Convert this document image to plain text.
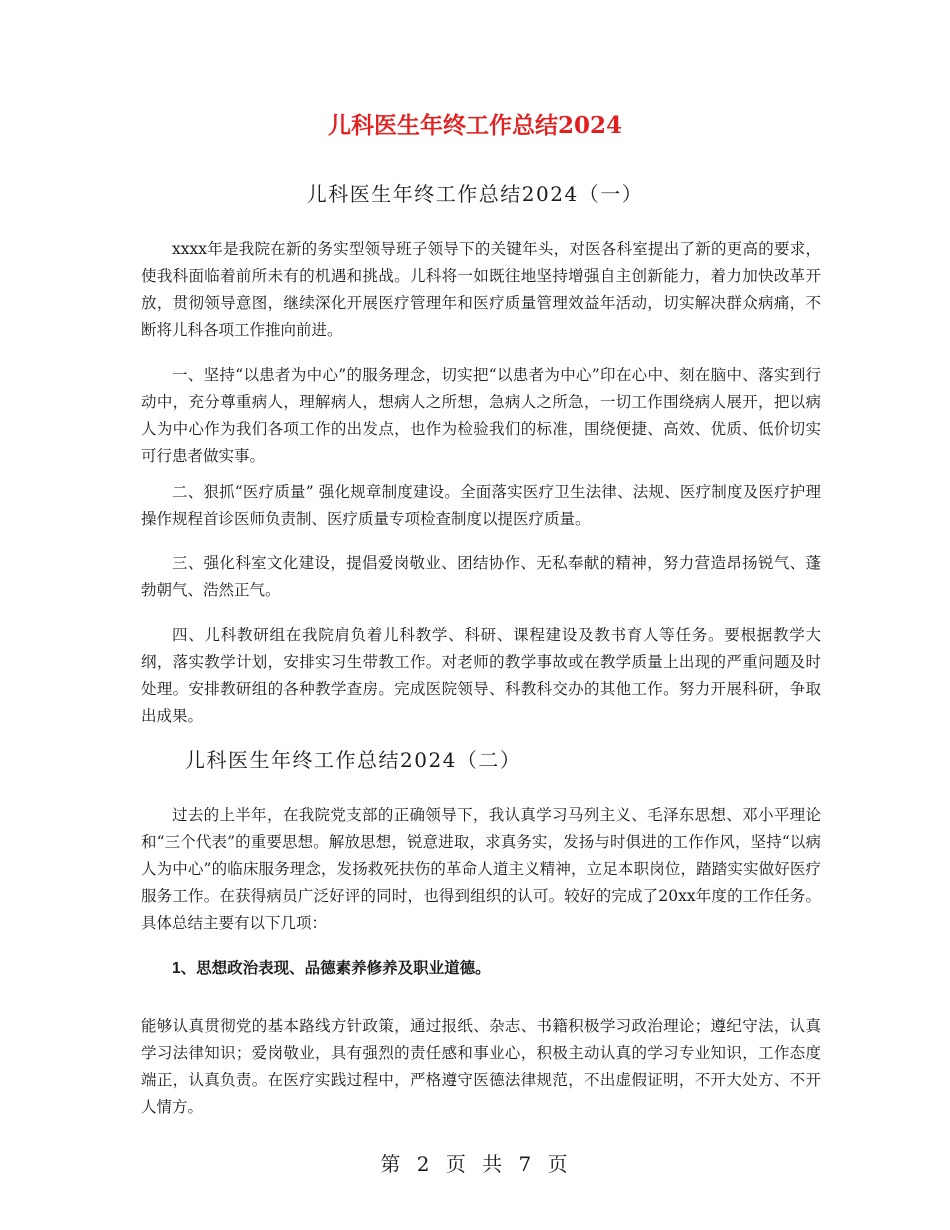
儿科医生年终工作总结2024
儿科医生年终工作总结2024（一）

xxxx年是我院在新的务实型领导班子领导下的关键年头，对医各科室提出了新的更高的要求，使我科面临着前所未有的机遇和挑战。儿科将一如既往地坚持增强自主创新能力，着力加快改革开放，贯彻领导意图，继续深化开展医疗管理年和医疗质量管理效益年活动，切实解决群众病痛，不断将儿科各项工作推向前进。

一、坚持“以患者为中心”的服务理念，切实把“以患者为中心”印在心中、刻在脑中、落实到行动中，充分尊重病人，理解病人，想病人之所想，急病人之所急，一切工作围绕病人展开，把以病人为中心作为我们各项工作的出发点，也作为检验我们的标准，围绕便捷、高效、优质、低价切实可行患者做实事。

二、狠抓“医疗质量” 强化规章制度建设。全面落实医疗卫生法律、法规、医疗制度及医疗护理操作规程首诊医师负责制、医疗质量专项检查制度以提医疗质量。

三、强化科室文化建设，提倡爱岗敬业、团结协作、无私奉献的精神，努力营造昂扬锐气、蓬勃朝气、浩然正气。

四、儿科教研组在我院肩负着儿科教学、科研、课程建设及教书育人等任务。要根据教学大纲，落实教学计划，安排实习生带教工作。对老师的教学事故或在教学质量上出现的严重问题及时处理。安排教研组的各种教学查房。完成医院领导、科教科交办的其他工作。努力开展科研，争取出成果。

儿科医生年终工作总结2024（二）

过去的上半年，在我院党支部的正确领导下，我认真学习马列主义、毛泽东思想、邓小平理论和“三个代表”的重要思想。解放思想，锐意进取，求真务实，发扬与时俱进的工作作风，坚持“以病人为中心”的临床服务理念，发扬救死扶伤的革命人道主义精神，立足本职岗位，踏踏实实做好医疗服务工作。在获得病员广泛好评的同时，也得到组织的认可。较好的完成了20xx年度的工作任务。具体总结主要有以下几项：

1、思想政治表现、品德素养修养及职业道德。

能够认真贯彻党的基本路线方针政策，通过报纸、杂志、书籍积极学习政治理论；遵纪守法，认真学习法律知识；爱岗敬业，具有强烈的责任感和事业心，积极主动认真的学习专业知识，工作态度端正，认真负责。在医疗实践过程中，严格遵守医德法律规范，不出虚假证明，不开大处方、不开人情方。

第 2 页 共 7 页
